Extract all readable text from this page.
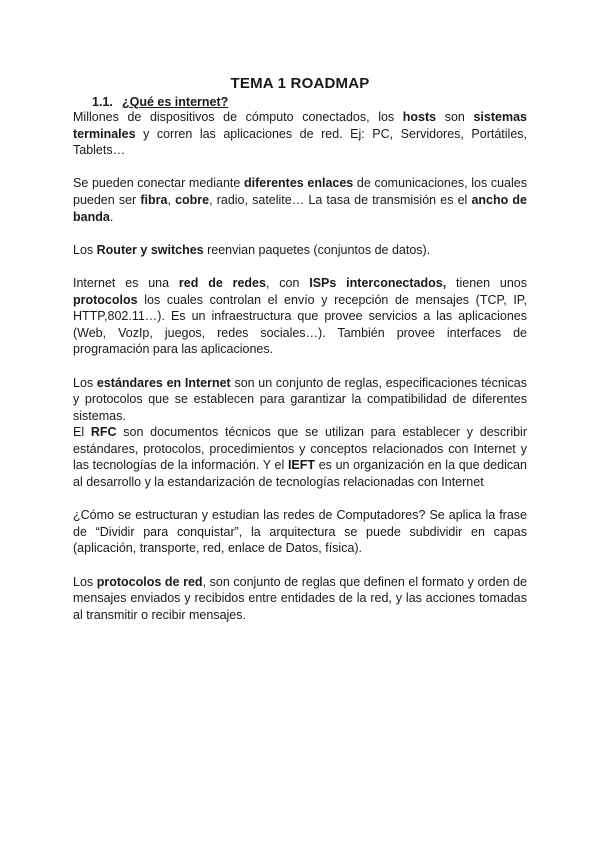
TEMA 1 ROADMAP
1.1. ¿Qué es internet?

Millones de dispositivos de cómputo conectados, los hosts son sistemas terminales y corren las aplicaciones de red. Ej: PC, Servidores, Portátiles, Tablets…

Se pueden conectar mediante diferentes enlaces de comunicaciones, los cuales pueden ser fibra, cobre, radio, satelite… La tasa de transmisión es el ancho de banda.

Los Router y switches reenvian paquetes (conjuntos de datos).

Internet es una red de redes, con ISPs interconectados, tienen unos protocolos los cuales controlan el envío y recepción de mensajes (TCP, IP, HTTP,802.11…). Es un infraestructura que provee servicios a las aplicaciones (Web, VozIp, juegos, redes sociales…). También provee interfaces de programación para las aplicaciones.

Los estándares en Internet son un conjunto de reglas, especificaciones técnicas y protocolos que se establecen para garantizar la compatibilidad de diferentes sistemas.

El RFC son documentos técnicos que se utilizan para establecer y describir estándares, protocolos, procedimientos y conceptos relacionados con Internet y las tecnologías de la información. Y el IEFT es un organización en la que dedican al desarrollo y la estandarización de tecnologías relacionadas con Internet

¿Cómo se estructuran y estudian las redes de Computadores? Se aplica la frase de “Dividir para conquistar”, la arquitectura se puede subdividir en capas (aplicación, transporte, red, enlace de Datos, física).

Los protocolos de red, son conjunto de reglas que definen el formato y orden de mensajes enviados y recibidos entre entidades de la red, y las acciones tomadas al transmitir o recibir mensajes.
